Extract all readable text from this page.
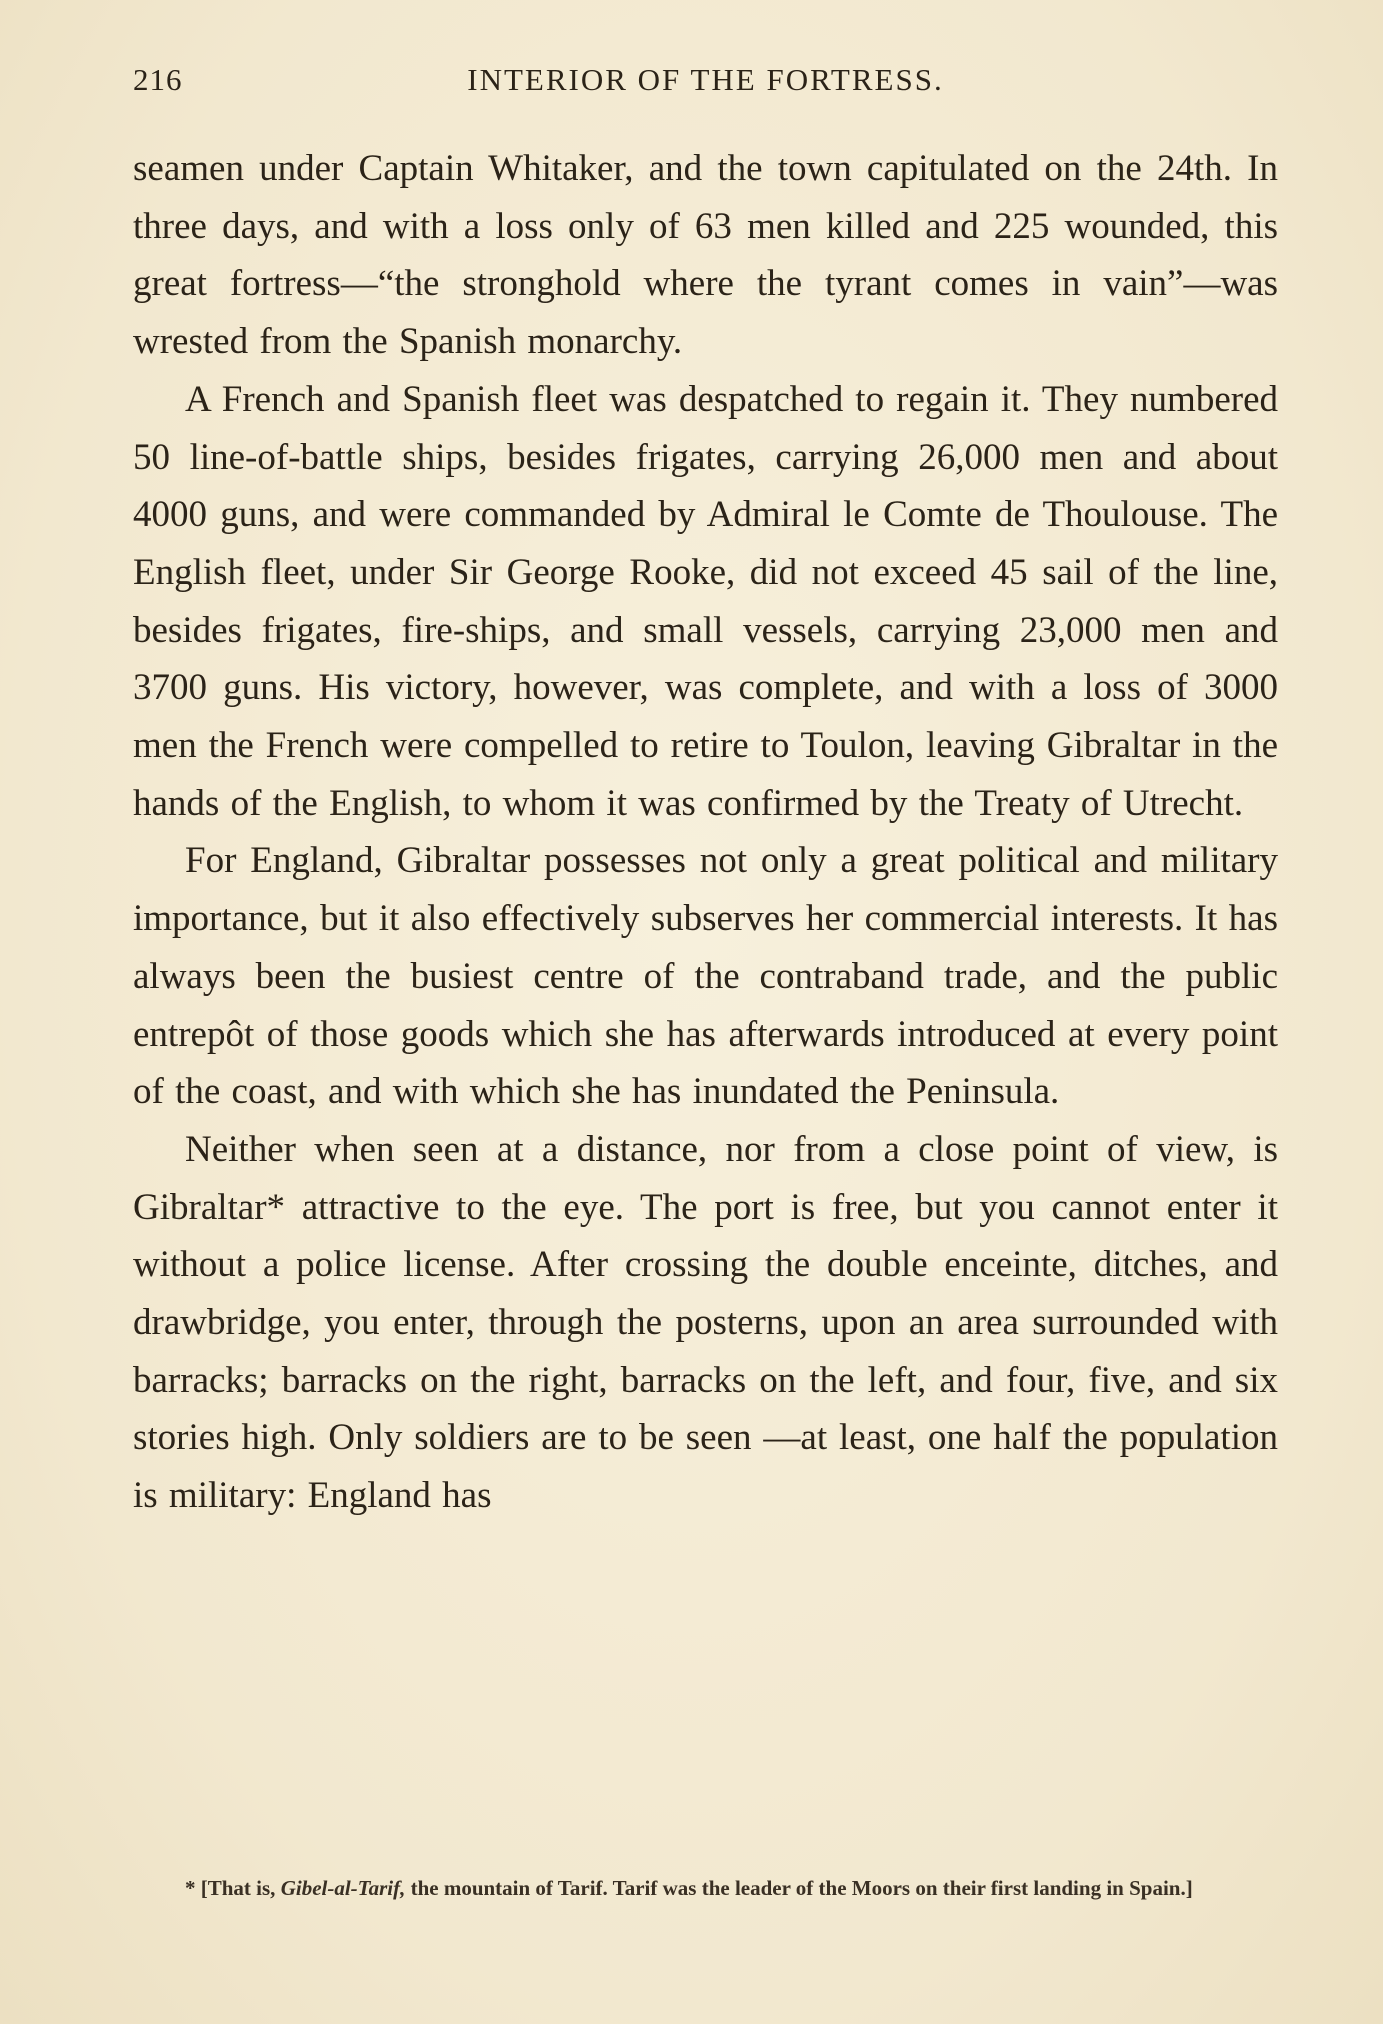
216	INTERIOR OF THE FORTRESS.

seamen under Captain Whitaker, and the town capitulated on the 24th. In three days, and with a loss only of 63 men killed and 225 wounded, this great fortress—“the stronghold where the tyrant comes in vain”—was wrested from the Spanish monarchy.

A French and Spanish fleet was despatched to regain it. They numbered 50 line-of-battle ships, besides frigates, carrying 26,000 men and about 4000 guns, and were commanded by Admiral le Comte de Thoulouse. The English fleet, under Sir George Rooke, did not exceed 45 sail of the line, besides frigates, fire-ships, and small vessels, carrying 23,000 men and 3700 guns. His victory, however, was complete, and with a loss of 3000 men the French were compelled to retire to Toulon, leaving Gibraltar in the hands of the English, to whom it was confirmed by the Treaty of Utrecht.

For England, Gibraltar possesses not only a great political and military importance, but it also effectively subserves her commercial interests. It has always been the busiest centre of the contraband trade, and the public entrepôt of those goods which she has afterwards introduced at every point of the coast, and with which she has inundated the Peninsula.

Neither when seen at a distance, nor from a close point of view, is Gibraltar* attractive to the eye. The port is free, but you cannot enter it without a police license. After crossing the double enceinte, ditches, and drawbridge, you enter, through the posterns, upon an area surrounded with barracks; barracks on the right, barracks on the left, and four, five, and six stories high. Only soldiers are to be seen —at least, one half the population is military: England has

* [That is, Gibel-al-Tarif, the mountain of Tarif. Tarif was the leader of the Moors on their first landing in Spain.]
